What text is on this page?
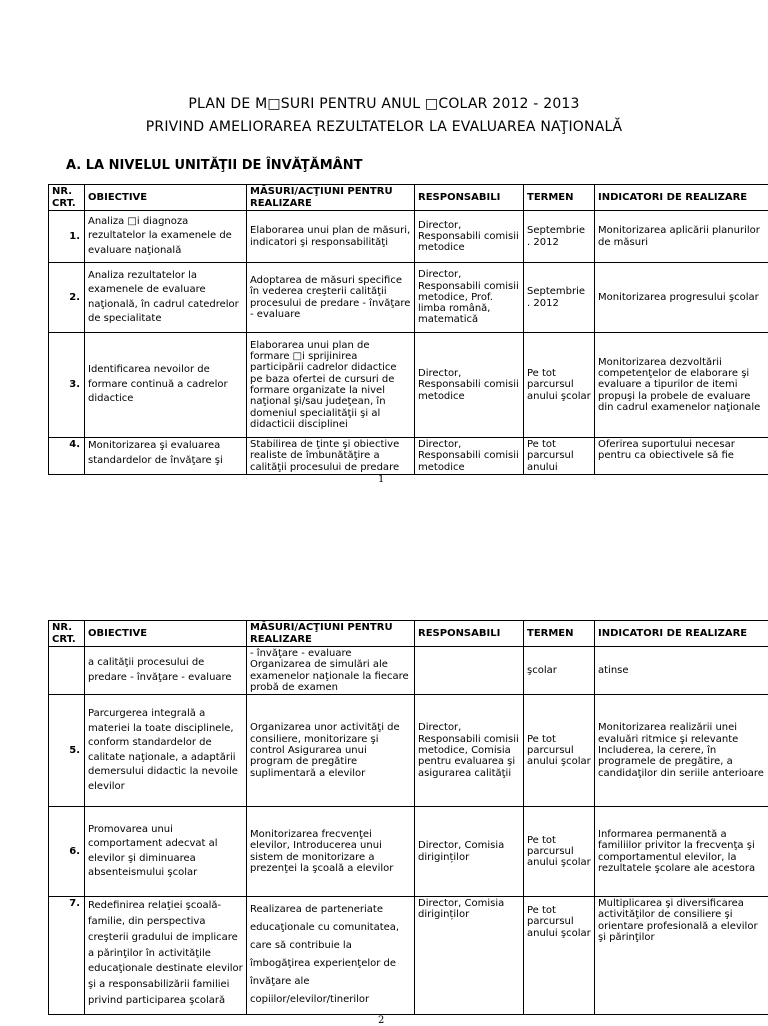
PLAN DE M□SURI PENTRU ANUL □COLAR 2012 - 2013
PRIVIND AMELIORAREA REZULTATELOR LA EVALUAREA NAŢIONALĂ
A. LA NIVELUL UNITĂŢII DE ÎNVĂŢĂMÂNT
NR. CRT.	OBIECTIVE	MĂSURI/ACŢIUNI PENTRU REALIZARE	RESPONSABILI	TERMEN	INDICATORI DE REALIZARE
1.	Analiza □i diagnoza rezultatelor la examenele de evaluare naţională	Elaborarea unui plan de măsuri, indicatori şi responsabilităţi	Director, Responsabili comisii metodice	Septembrie . 2012	Monitorizarea aplicării planurilor de măsuri
2.	Analiza rezultatelor la examenele de evaluare naţională, în cadrul catedrelor de specialitate	Adoptarea de măsuri specifice în vederea creşterii calităţii procesului de predare - învăţare - evaluare	Director, Responsabili comisii metodice, Prof. limba română, matematică	Septembrie . 2012	Monitorizarea progresului şcolar
3.	Identificarea nevoilor de formare continuă a cadrelor didactice	Elaborarea unui plan de formare □i sprijinirea participării cadrelor didactice pe baza ofertei de cursuri de formare organizate la nivel naţional şi/sau judeţean, în domeniul specialităţii şi al didacticii disciplinei	Director, Responsabili comisii metodice	Pe tot parcursul anului şcolar	Monitorizarea dezvoltării competenţelor de elaborare şi evaluare a tipurilor de itemi propuşi la probele de evaluare din cadrul examenelor naţionale
4.	Monitorizarea şi evaluarea standardelor de învăţare şi	Stabilirea de ţinte şi obiective realiste de îmbunătăţire a calităţii procesului de predare	Director, Responsabili comisii metodice	Pe tot parcursul anului	Oferirea suportului necesar pentru ca obiectivele să fie
1
NR. CRT.	OBIECTIVE	MĂSURI/ACŢIUNI PENTRU REALIZARE	RESPONSABILI	TERMEN	INDICATORI DE REALIZARE
	a calităţii procesului de predare - învăţare - evaluare	- învăţare - evaluare Organizarea de simulări ale examenelor naţionale la fiecare probă de examen		şcolar	atinse
5.	Parcurgerea integrală a materiei la toate disciplinele, conform standardelor de calitate naţionale, a adaptării demersului didactic la nevoile elevilor	Organizarea unor activităţi de consiliere, monitorizare şi control Asigurarea unui program de pregătire suplimentară a elevilor	Director, Responsabili comisii metodice, Comisia pentru evaluarea şi asigurarea calităţii	Pe tot parcursul anului şcolar	Monitorizarea realizării unei evaluări ritmice şi relevante Includerea, la cerere, în programele de pregătire, a candidaţilor din seriile anterioare
6.	Promovarea unui comportament adecvat al elevilor şi diminuarea absenteismului şcolar	Monitorizarea frecvenţei elevilor, Introducerea unui sistem de monitorizare a prezenţei la şcoală a elevilor	Director, Comisia diriginților	Pe tot parcursul anului şcolar	Informarea permanentă a familiilor privitor la frecvenţa şi comportamentul elevilor, la rezultatele şcolare ale acestora
7.	Redefinirea relaţiei şcoală-familie, din perspectiva creşterii gradului de implicare a părinţilor în activităţile educaţionale destinate elevilor şi a responsabilizării familiei privind participarea şcolară	Realizarea de parteneriate educaţionale cu comunitatea, care să contribuie la îmbogăţirea experienţelor de învăţare ale copiilor/elevilor/tinerilor	Director, Comisia diriginților	Pe tot parcursul anului şcolar	Multiplicarea şi diversificarea activităţilor de consiliere şi orientare profesională a elevilor şi părinţilor
2
